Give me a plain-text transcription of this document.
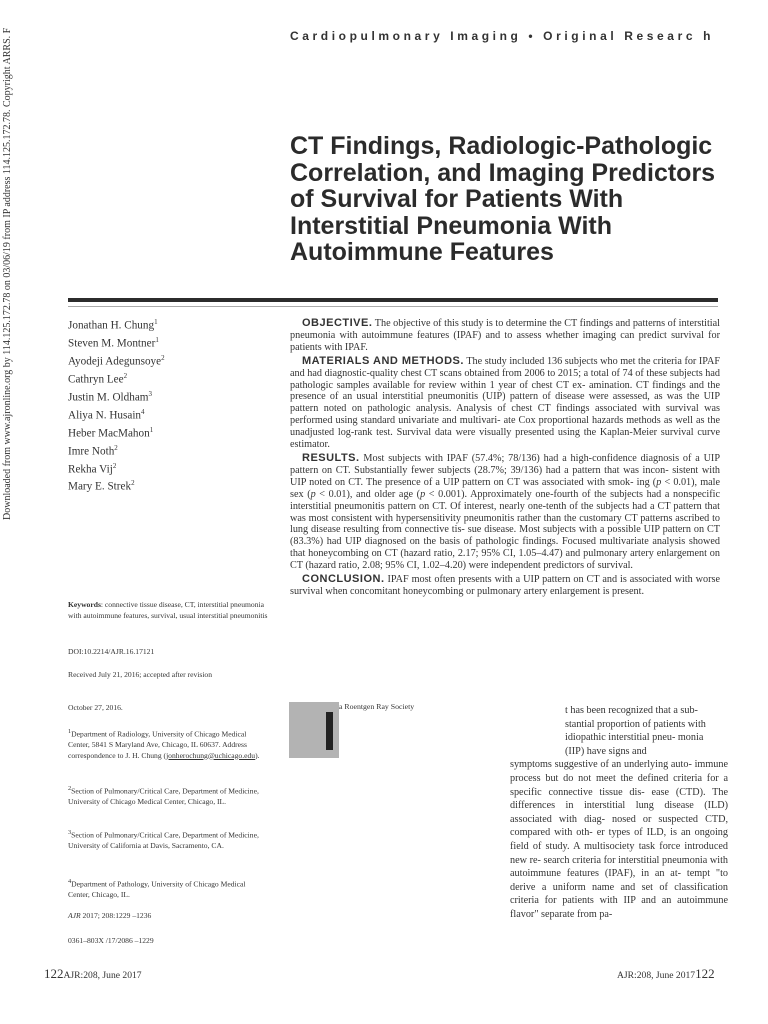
Downloaded from www.ajronline.org by 114.125.172.78 on 03/06/19 from IP address 114.125.172.78. Copyright ARRS. F	Cardiopulmonary Imaging • Original Researc h
CT Findings, Radiologic-Pathologic Correlation, and Imaging Predictors of Survival for Patients With Interstitial Pneumonia With Autoimmune Features
Jonathan H. Chung$^1$
Steven M. Montner$^1$
Ayodeji Adegunsoye$^2$
Cathryn Lee$^2$
Justin M. Oldham$^3$
Aliya N. Husain$^4$
Heber MacMahon$^1$
Imre Noth$^2$
Rekha Vij$^2$
Mary E. Strek$^2$
Keywords: connective tissue disease, CT, interstitial pneumonia with autoimmune features, survival, usual interstitial pneumonitis
DOI:10.2214/AJR.16.17121
Received July 21, 2016; accepted after revision
October 27, 2016.
$^1$Department of Radiology, University of Chicago Medical Center, 5841 S Maryland Ave, Chicago, IL 60637. Address correspondence to J. H. Chung (jonherochung@uchicago.edu).
$^2$Section of Pulmonary/Critical Care, Department of Medicine, University of Chicago Medical Center, Chicago, IL.
$^3$Section of Pulmonary/Critical Care, Department of Medicine, University of California at Davis, Sacramento, CA.
$^4$Department of Pathology, University of Chicago Medical Center, Chicago, IL.
AJR 2017; 208:1229 –1236
0361–803X /17/2086 –1229

OBJECTIVE. The objective of this study is to determine the CT findings and patterns of interstitial pneumonia with autoimmune features (IPAF) and to assess whether imaging can predict survival for patients with IPAF.

MATERIALS AND METHODS. The study included 136 subjects who met the criteria for IPAF and had diagnostic-quality chest CT scans obtained from 2006 to 2015; a total of 74 of these subjects had pathologic samples available for review within 1 year of chest CT ex- amination. CT findings and the presence of an usual interstitial pneumonitis (UIP) pattern of disease were assessed, as was the UIP pattern noted on pathologic analysis. Analysis of chest CT findings associated with survival was performed using standard univariate and multivari- ate Cox proportional hazards methods as well as the unadjusted log-rank test. Survival data were visually presented using the Kaplan-Meier survival curve estimator.

RESULTS. Most subjects with IPAF (57.4%; 78/136) had a high-confidence diagnosis of a UIP pattern on CT. Substantially fewer subjects (28.7%; 39/136) had a pattern that was incon- sistent with UIP noted on CT. The presence of a UIP pattern on CT was associated with smok- ing (p < 0.01), male sex (p < 0.01), and older age (p < 0.001). Approximately one-fourth of the subjects had a nonspecific interstitial pneumonitis pattern on CT. Of interest, nearly one-tenth of the subjects had a CT pattern that was most consistent with hypersensitivity pneumonitis rather than the customary CT patterns ascribed to lung disease resulting from connective tis- sue disease. Most subjects with a possible UIP pattern on CT (83.3%) had UIP diagnosed on the basis of pathologic findings. Focused multivariate analysis showed that honeycombing on CT (hazard ratio, 2.17; 95% CI, 1.05–4.47) and pulmonary artery enlargement on CT (hazard ratio, 2.08; 95% CI, 1.02–4.20) were independent predictors of survival.

CONCLUSION. IPAF most often presents with a UIP pattern on CT and is associated with worse survival when concomitant honeycombing or pulmonary artery enlargement is present.

a Roentgen Ray Society	t has been recognized that a sub-
stantial proportion of patients with
idiopathic interstitial pneu- monia
(IIP) have signs and
symptoms suggestive of an underlying auto- immune process but do not meet the defined criteria for a specific connective tissue dis- ease (CTD). The differences in interstitial lung disease (ILD) associated with diag- nosed or suspected CTD, compared with oth- er types of ILD, is an ongoing field of study. A multisociety task force introduced new re- search criteria for interstitial pneumonia with autoimmune features (IPAF), in an at- tempt "to derive a uniform name and set of classification criteria for patients with IIP and an autoimmune flavor" separate from pa-
122AJR:208, June 2017	AJR:208, June 2017122
